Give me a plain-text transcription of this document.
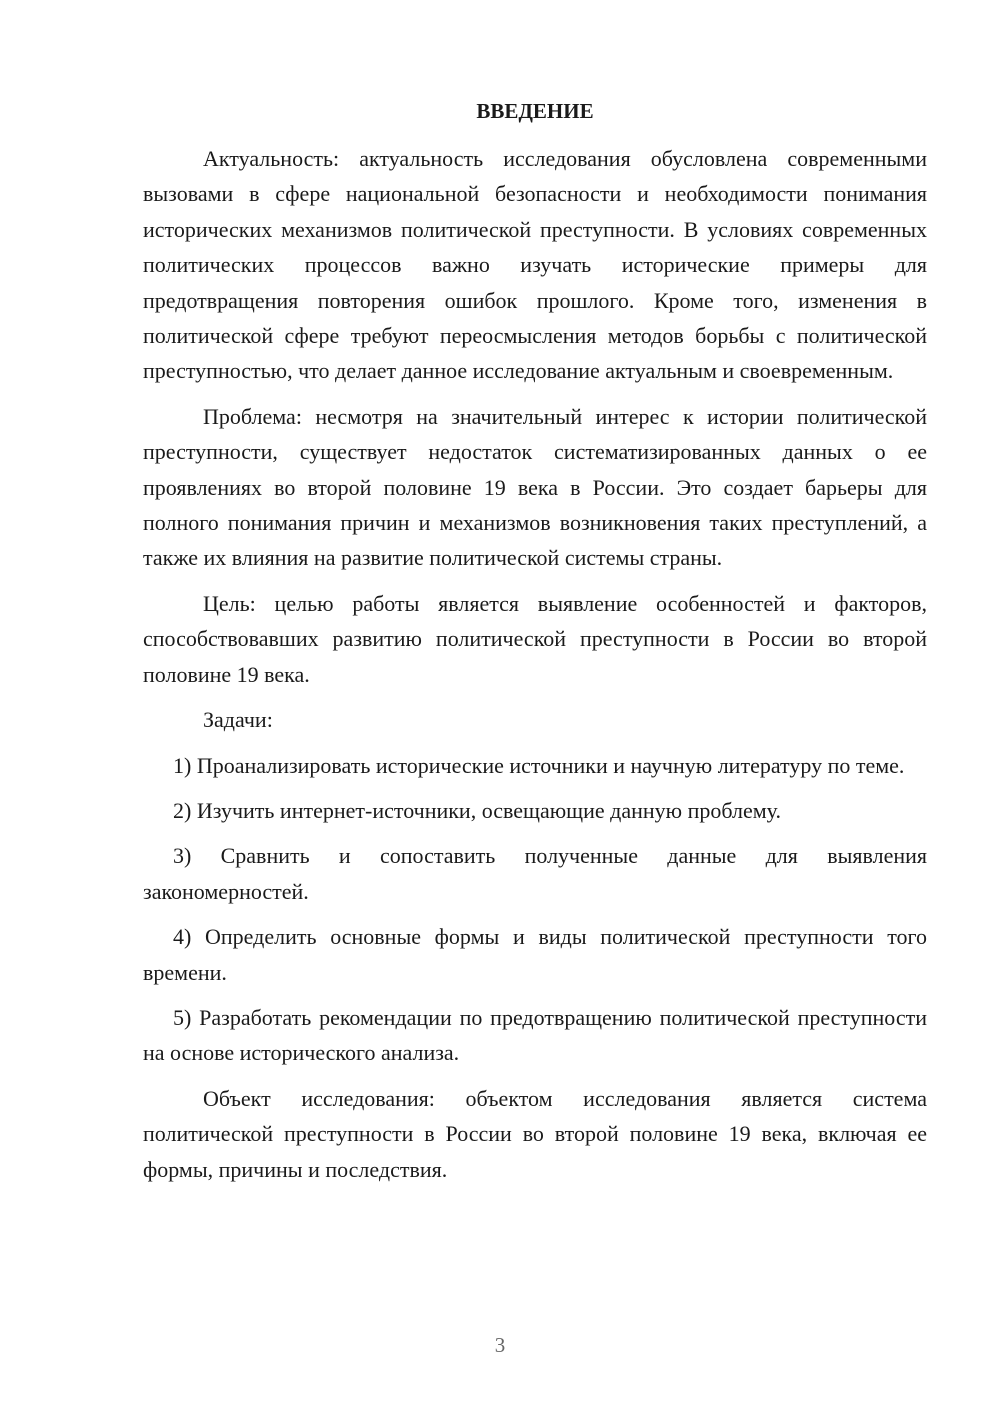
ВВЕДЕНИЕ

Актуальность: актуальность исследования обусловлена современными вызовами в сфере национальной безопасности и необходимости понимания исторических механизмов политической преступности. В условиях современных политических процессов важно изучать исторические примеры для предотвращения повторения ошибок прошлого. Кроме того, изменения в политической сфере требуют переосмысления методов борьбы с политической преступностью, что делает данное исследование актуальным и своевременным.

Проблема: несмотря на значительный интерес к истории политической преступности, существует недостаток систематизированных данных о ее проявлениях во второй половине 19 века в России. Это создает барьеры для полного понимания причин и механизмов возникновения таких преступлений, а также их влияния на развитие политической системы страны.

Цель: целью работы является выявление особенностей и факторов, способствовавших развитию политической преступности в России во второй половине 19 века.

Задачи:

1) Проанализировать исторические источники и научную литературу по теме.

2) Изучить интернет-источники, освещающие данную проблему.

3) Сравнить и сопоставить полученные данные для выявления закономерностей.

4) Определить основные формы и виды политической преступности того времени.

5) Разработать рекомендации по предотвращению политической преступности на основе исторического анализа.

Объект исследования: объектом исследования является система политической преступности в России во второй половине 19 века, включая ее формы, причины и последствия.

3
